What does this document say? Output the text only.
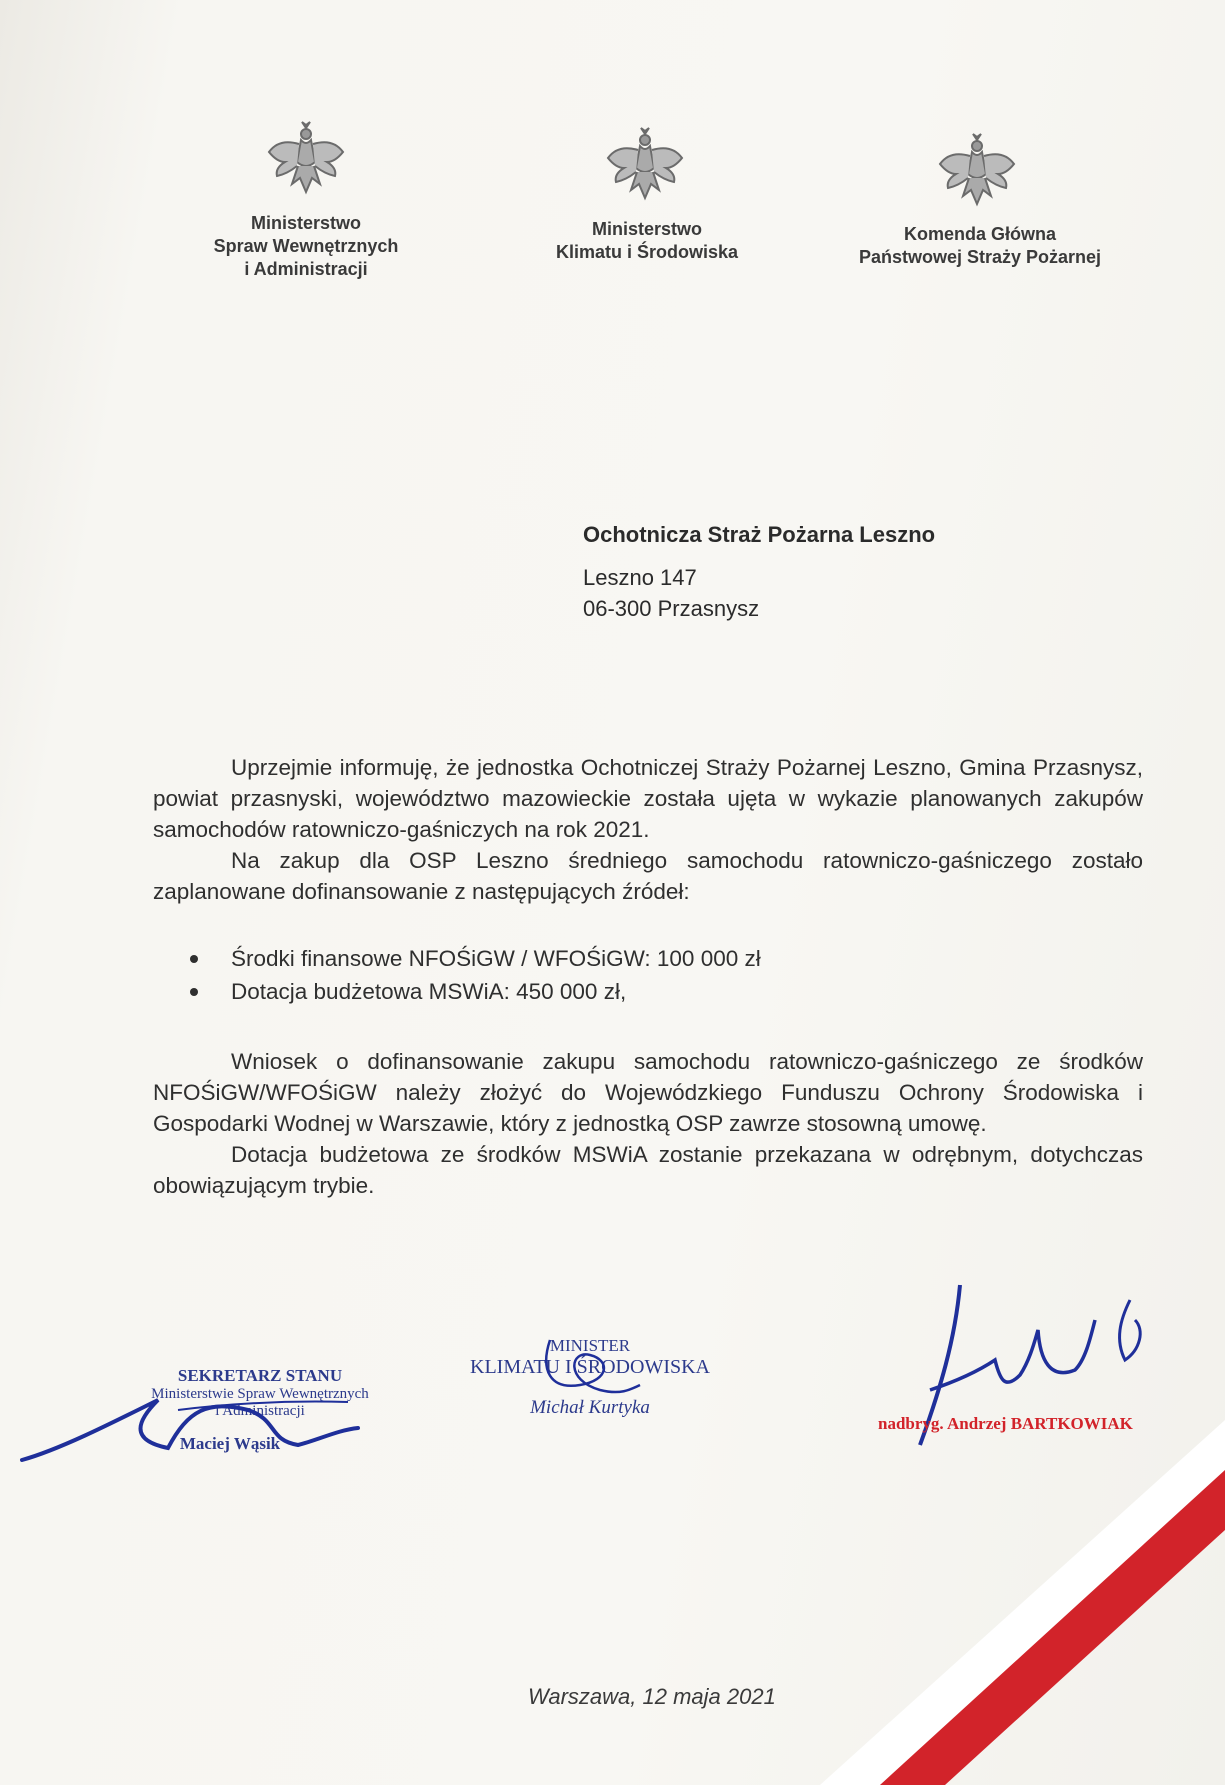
Ministerstwo
Spraw Wewnętrznych
i Administracji
Ministerstwo
Klimatu i Środowiska
Komenda Główna
Państwowej Straży Pożarnej
Ochotnicza Straż Pożarna Leszno
Leszno 147
06-300 Przasnysz

Uprzejmie informuję, że jednostka Ochotniczej Straży Pożarnej Leszno, Gmina Przasnysz, powiat przasnyski, województwo mazowieckie została ujęta w wykazie planowanych zakupów samochodów ratowniczo-gaśniczych na rok 2021.

Na zakup dla OSP Leszno średniego samochodu ratowniczo-gaśniczego zostało zaplanowane dofinansowanie z następujących źródeł:

Środki finansowe NFOŚiGW / WFOŚiGW: 100 000 zł
Dotacja budżetowa MSWiA: 450 000 zł,

Wniosek o dofinansowanie zakupu samochodu ratowniczo-gaśniczego ze środków NFOŚiGW/WFOŚiGW należy złożyć do Wojewódzkiego Funduszu Ochrony Środowiska i Gospodarki Wodnej w Warszawie, który z jednostką OSP zawrze stosowną umowę.

Dotacja budżetowa ze środków MSWiA zostanie przekazana w odrębnym, dotychczas obowiązującym trybie.

SEKRETARZ STANU
Ministerstwie Spraw Wewnętrznych
i Administracji
Maciej Wąsik
MINISTER
KLIMATU I ŚRODOWISKA
Michał Kurtyka
nadbryg. Andrzej BARTKOWIAK
Warszawa, 12 maja 2021
